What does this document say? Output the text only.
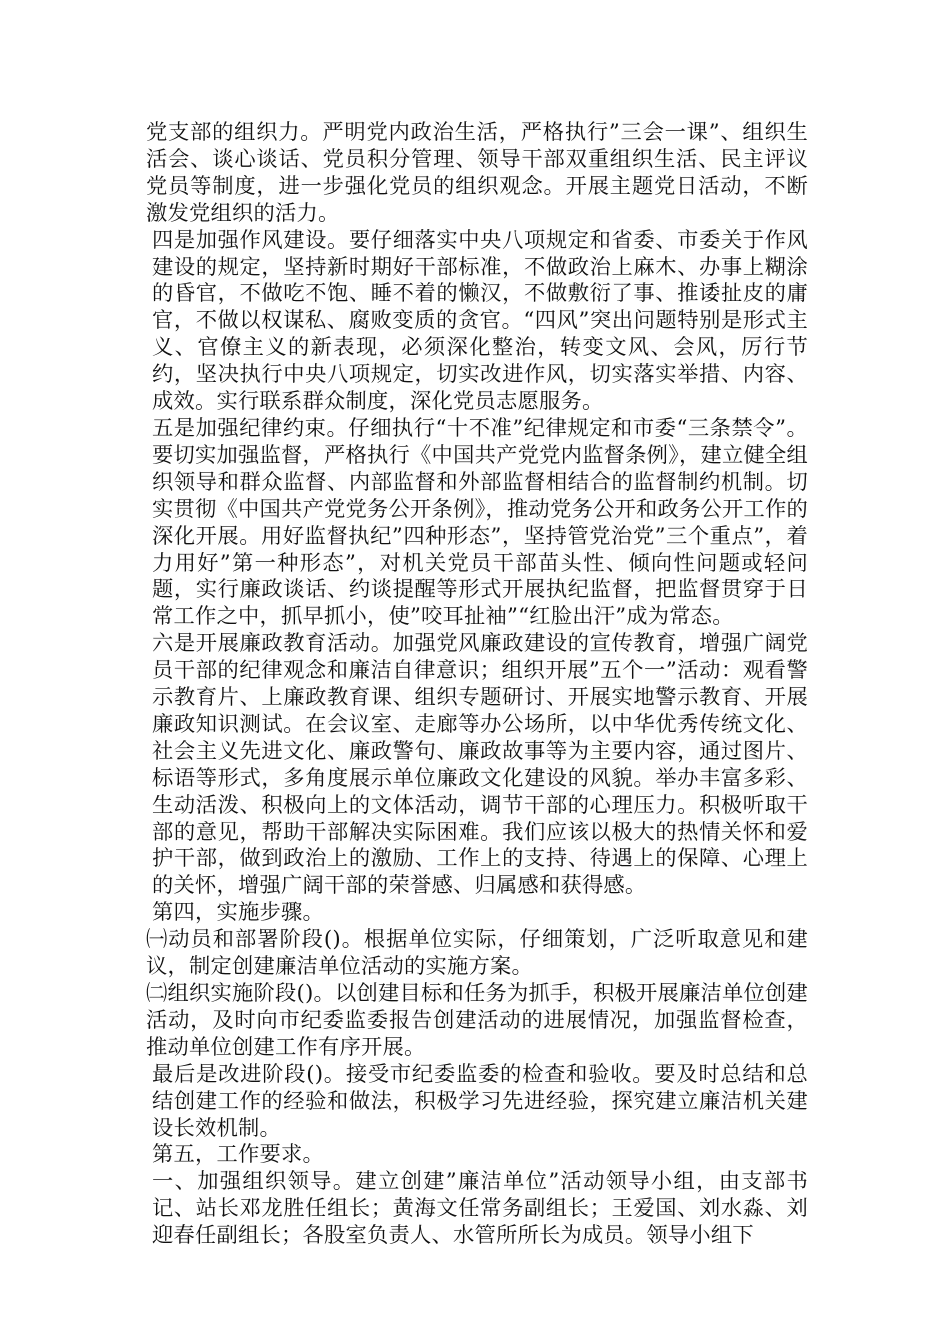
党支部的组织力。严明党内政治生活，严格执行”三会一课”、组织生活会、谈心谈话、党员积分管理、领导干部双重组织生活、民主评议党员等制度，进一步强化党员的组织观念。开展主题党日活动，不断激发党组织的活力。

四是加强作风建设。要仔细落实中央八项规定和省委、市委关于作风建设的规定，坚持新时期好干部标准，不做政治上麻木、办事上糊涂的昏官，不做吃不饱、睡不着的懒汉，不做敷衍了事、推诿扯皮的庸官，不做以权谋私、腐败变质的贪官。“四风”突出问题特别是形式主义、官僚主义的新表现，必须深化整治，转变文风、会风，厉行节约，坚决执行中央八项规定，切实改进作风，切实落实举措、内容、成效。实行联系群众制度，深化党员志愿服务。

五是加强纪律约束。仔细执行“十不准”纪律规定和市委“三条禁令”。要切实加强监督，严格执行《中国共产党党内监督条例》，建立健全组织领导和群众监督、内部监督和外部监督相结合的监督制约机制。切实贯彻《中国共产党党务公开条例》，推动党务公开和政务公开工作的深化开展。用好监督执纪”四种形态”，坚持管党治党”三个重点”，着力用好”第一种形态”，对机关党员干部苗头性、倾向性问题或轻问题，实行廉政谈话、约谈提醒等形式开展执纪监督，把监督贯穿于日常工作之中，抓早抓小，使”咬耳扯袖”“红脸出汗”成为常态。

六是开展廉政教育活动。加强党风廉政建设的宣传教育，增强广阔党员干部的纪律观念和廉洁自律意识；组织开展”五个一”活动：观看警示教育片、上廉政教育课、组织专题研讨、开展实地警示教育、开展廉政知识测试。在会议室、走廊等办公场所，以中华优秀传统文化、社会主义先进文化、廉政警句、廉政故事等为主要内容，通过图片、标语等形式，多角度展示单位廉政文化建设的风貌。举办丰富多彩、生动活泼、积极向上的文体活动，调节干部的心理压力。积极听取干部的意见，帮助干部解决实际困难。我们应该以极大的热情关怀和爱护干部，做到政治上的激励、工作上的支持、待遇上的保障、心理上的关怀，增强广阔干部的荣誉感、归属感和获得感。

第四，实施步骤。

㈠动员和部署阶段()。根据单位实际，仔细策划，广泛听取意见和建议，制定创建廉洁单位活动的实施方案。

㈡组织实施阶段()。以创建目标和任务为抓手，积极开展廉洁单位创建活动，及时向市纪委监委报告创建活动的进展情况，加强监督检查，推动单位创建工作有序开展。

最后是改进阶段()。接受市纪委监委的检查和验收。要及时总结和总结创建工作的经验和做法，积极学习先进经验，探究建立廉洁机关建设长效机制。

第五，工作要求。

一、加强组织领导。建立创建”廉洁单位”活动领导小组，由支部书记、站长邓龙胜任组长；黄海文任常务副组长；王爱国、刘水淼、刘迎春任副组长；各股室负责人、水管所所长为成员。领导小组下
